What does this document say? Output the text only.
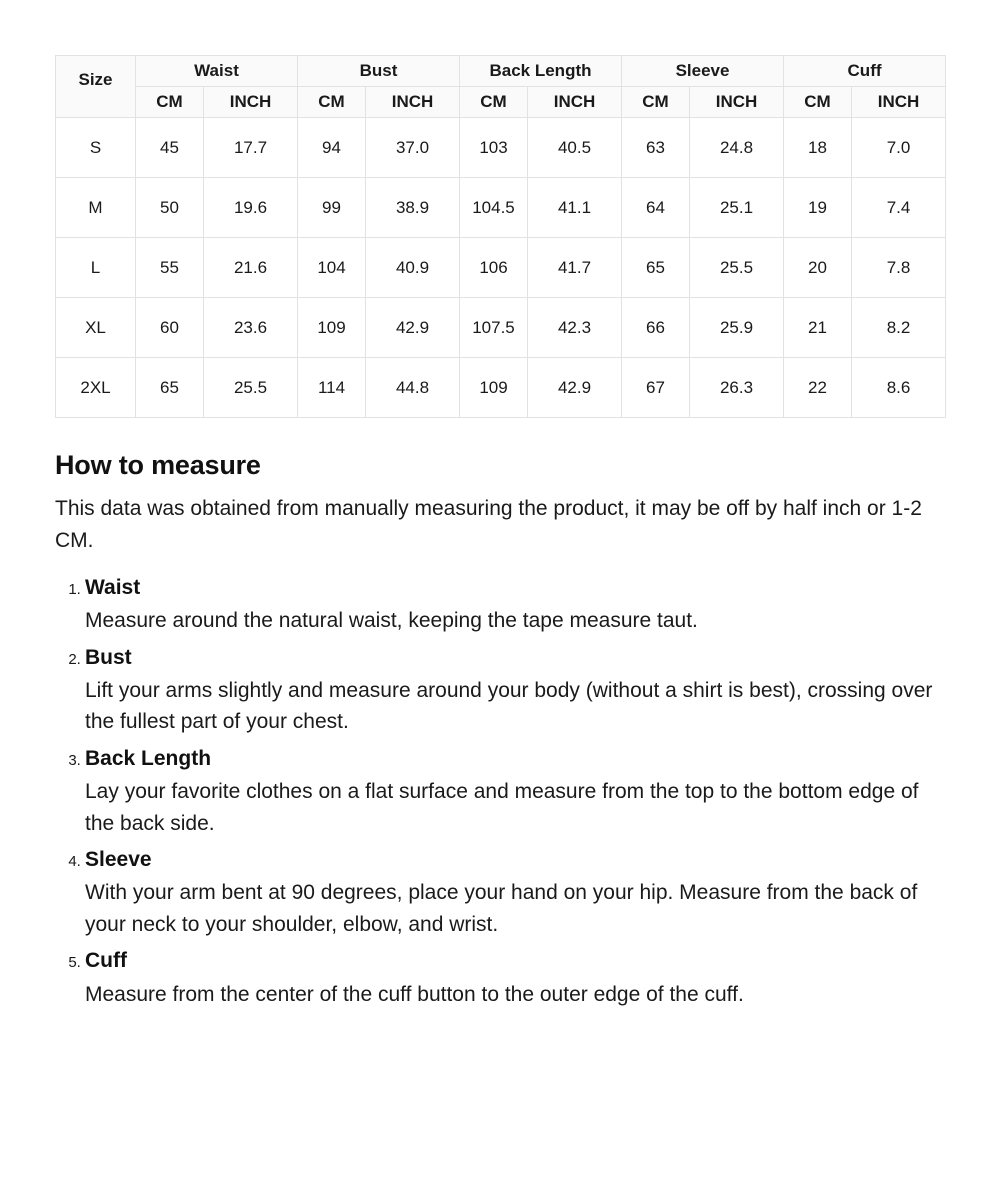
Size	Waist		Bust		Back Length		Sleeve		Cuff	
	CM	INCH	CM	INCH	CM	INCH	CM	INCH	CM	INCH
S	45	17.7	94	37.0	103	40.5	63	24.8	18	7.0
M	50	19.6	99	38.9	104.5	41.1	64	25.1	19	7.4
L	55	21.6	104	40.9	106	41.7	65	25.5	20	7.8
XL	60	23.6	109	42.9	107.5	42.3	66	25.9	21	8.2
2XL	65	25.5	114	44.8	109	42.9	67	26.3	22	8.6
How to measure

This data was obtained from manually measuring the product, it may be off by half inch or 1-2 CM.

1. Waist
Measure around the natural waist, keeping the tape measure taut.
2. Bust
Lift your arms slightly and measure around your body (without a shirt is best), crossing over the fullest part of your chest.
3. Back Length
Lay your favorite clothes on a flat surface and measure from the top to the bottom edge of the back side.
4. Sleeve
With your arm bent at 90 degrees, place your hand on your hip. Measure from the back of your neck to your shoulder, elbow, and wrist.
5. Cuff
Measure from the center of the cuff button to the outer edge of the cuff.
